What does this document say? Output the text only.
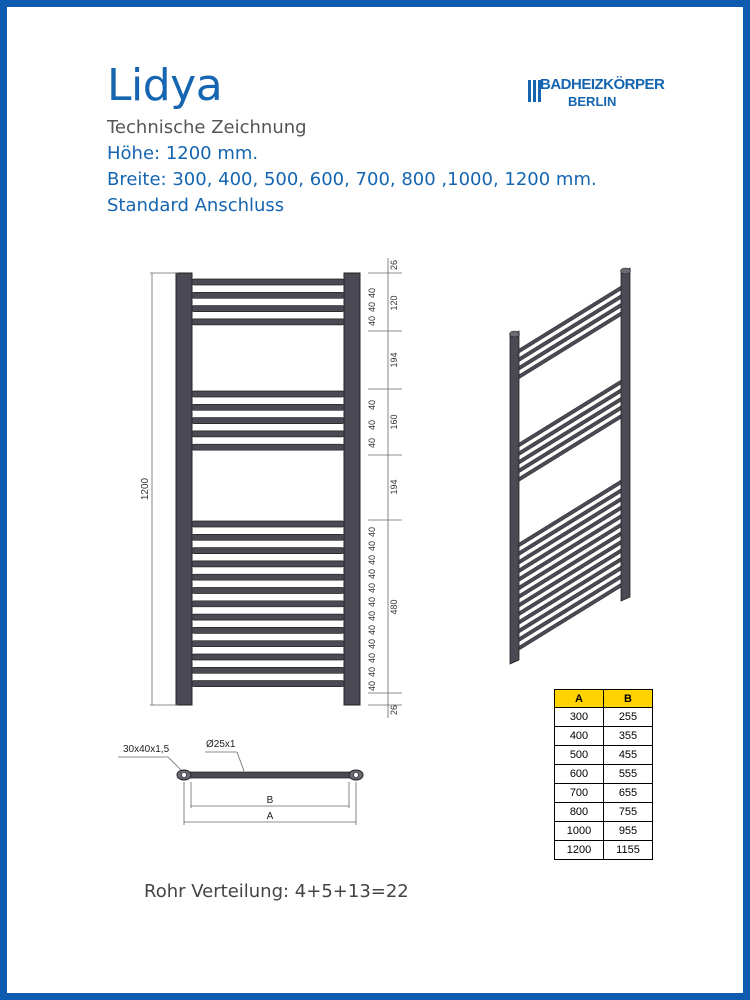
Lidya
Technische Zeichnung
Höhe: 1200 mm.
Breite: 300, 400, 500, 600, 700, 800 ,1000, 1200 mm.
Standard Anschluss
BADHEIZKÖRPER
BERLIN
1200
26
40
40
40
120
194
40
40
40
160
194
40
40
40
40
40
40
40
40
40
40
40
40
480
26
30x40x1,5	Ø25x1
B
A
A	B
300	255
400	355
500	455
600	555
700	655
800	755
1000	955
1200	1155
Rohr Verteilung: 4+5+13=22
